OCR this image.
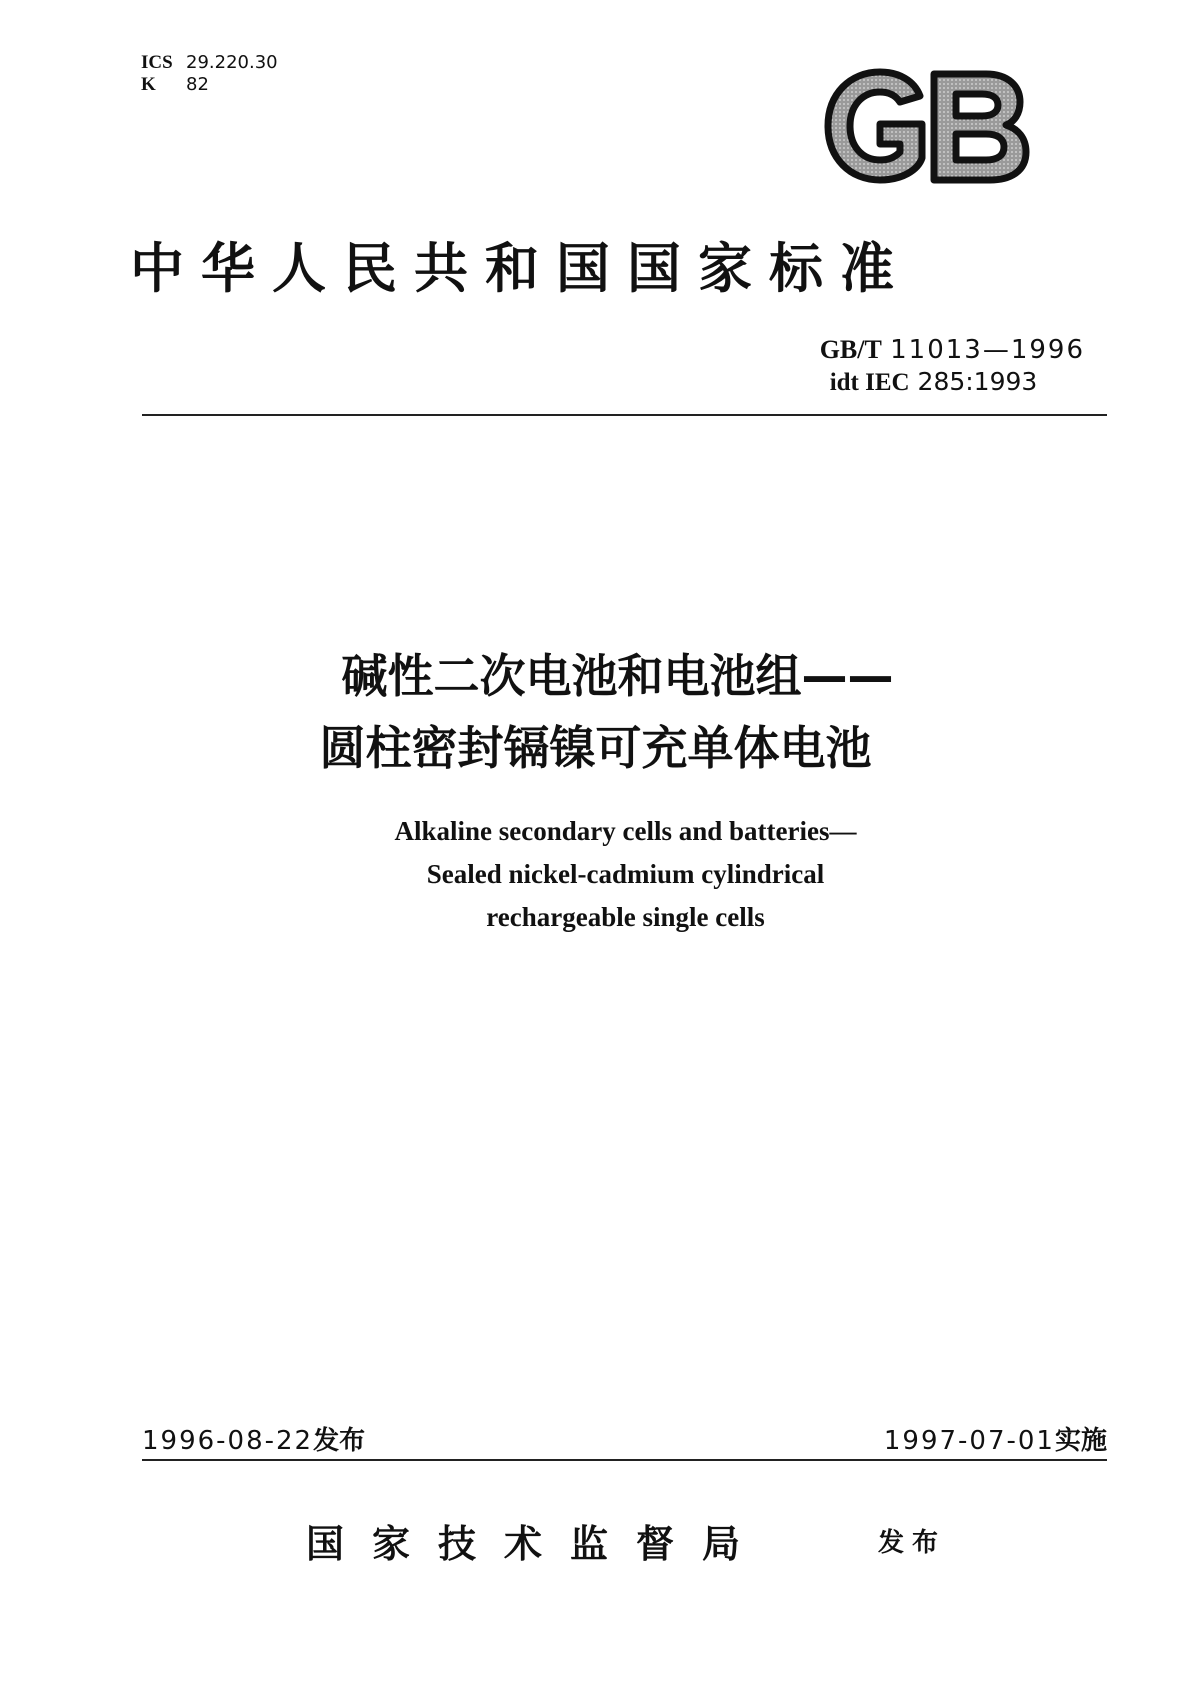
ICS 29.220.30
K 82
中华人民共和国国家标准
GB/T 11013—1996
idt IEC 285:1993
碱性二次电池和电池组——
圆柱密封镉镍可充单体电池
Alkaline secondary cells and batteries—
Sealed nickel-cadmium cylindrical
rechargeable single cells
1996-08-22发布	1997-07-01实施
国家技术监督局	发布
